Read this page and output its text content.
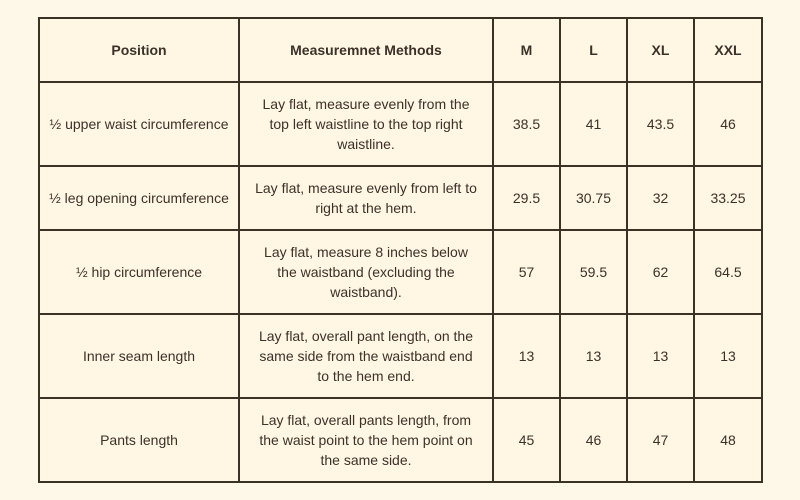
Position	Measuremnet Methods	M	L	XL	XXL
½ upper waist circumference	Lay flat, measure evenly from the top left waistline to the top right waistline.	38.5	41	43.5	46
½ leg opening circumference	Lay flat, measure evenly from left to right at the hem.	29.5	30.75	32	33.25
½ hip circumference	Lay flat, measure 8 inches below the waistband (excluding the waistband).	57	59.5	62	64.5
Inner seam length	Lay flat, overall pant length, on the same side from the waistband end to the hem end.	13	13	13	13
Pants length	Lay flat, overall pants length, from the waist point to the hem point on the same side.	45	46	47	48
